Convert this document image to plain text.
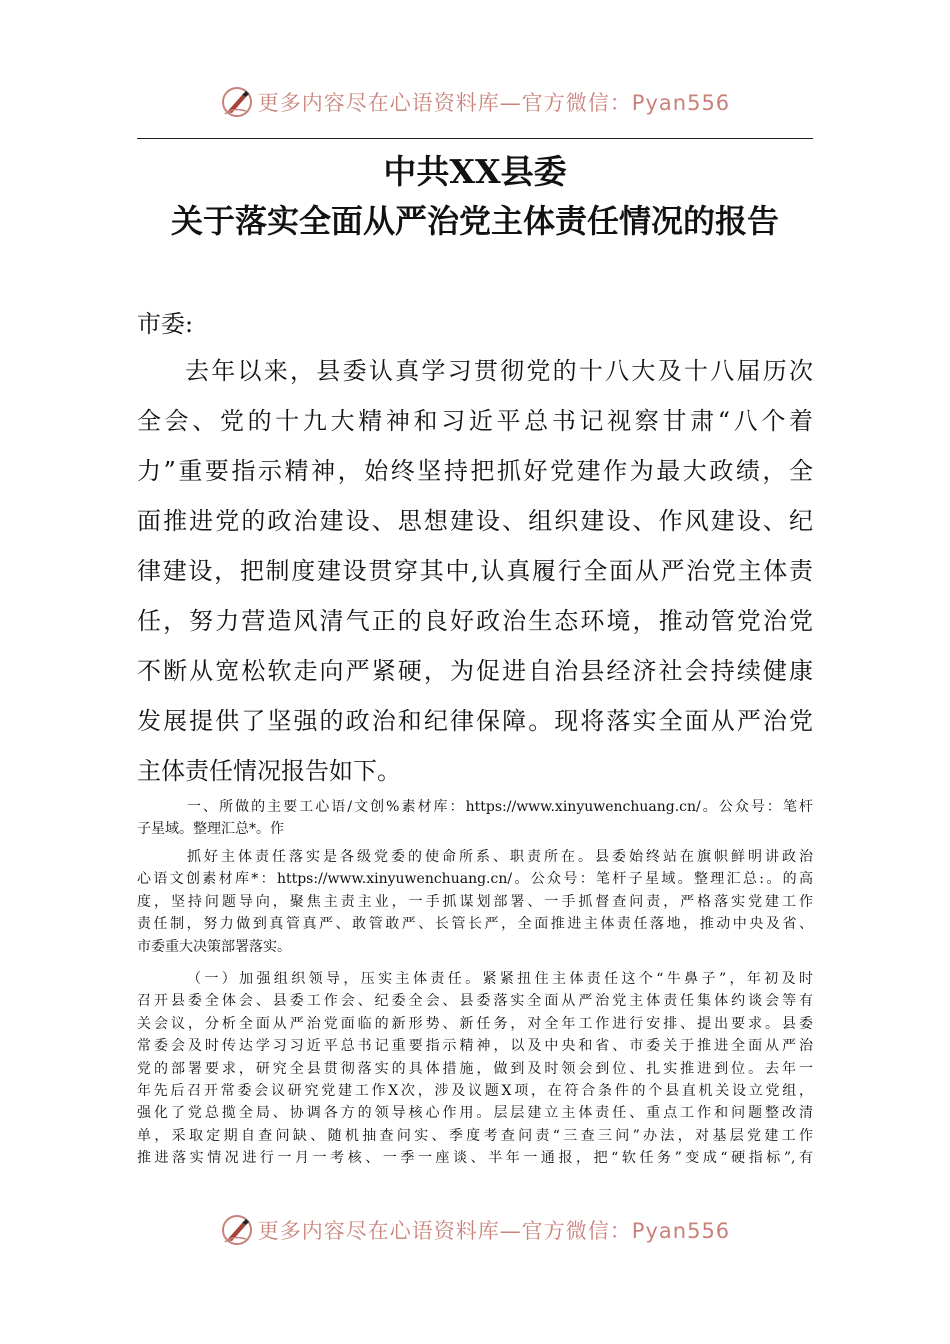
更多内容尽在心语资料库—官方微信：Pyan556
中共XX县委
关于落实全面从严治党主体责任情况的报告
市委:
去年以来，县委认真学习贯彻党的十八大及十八届历次
全会、党的十九大精神和习近平总书记视察甘肃“八个着
力”重要指示精神，始终坚持把抓好党建作为最大政绩，全
面推进党的政治建设、思想建设、组织建设、作风建设、纪
律建设，把制度建设贯穿其中,认真履行全面从严治党主体责
任，努力营造风清气正的良好政治生态环境，推动管党治党
不断从宽松软走向严紧硬，为促进自治县经济社会持续健康
发展提供了坚强的政治和纪律保障。现将落实全面从严治党
主体责任情况报告如下。
一、所做的主要工心语/文创%素材库：https://www.xinyuwenchuang.cn/。公众号：笔杆
子星域。整理汇总*。作
抓好主体责任落实是各级党委的使命所系、职责所在。县委始终站在旗帜鲜明讲政治
心语文创素材库*：https://www.xinyuwenchuang.cn/。公众号：笔杆子星域。整理汇总:。的高
度，坚持问题导向，聚焦主责主业，一手抓谋划部署、一手抓督查问责，严格落实党建工作
责任制，努力做到真管真严、敢管敢严、长管长严，全面推进主体责任落地，推动中央及省、
市委重大决策部署落实。
（一）加强组织领导，压实主体责任。紧紧扭住主体责任这个“牛鼻子”，年初及时
召开县委全体会、县委工作会、纪委全会、县委落实全面从严治党主体责任集体约谈会等有
关会议，分析全面从严治党面临的新形势、新任务，对全年工作进行安排、提出要求。县委
常委会及时传达学习习近平总书记重要指示精神，以及中央和省、市委关于推进全面从严治
党的部署要求，研究全县贯彻落实的具体措施，做到及时领会到位、扎实推进到位。去年一
年先后召开常委会议研究党建工作X次，涉及议题X项，在符合条件的个县直机关设立党组，
强化了党总揽全局、协调各方的领导核心作用。层层建立主体责任、重点工作和问题整改清
单，采取定期自查问缺、随机抽查问实、季度考查问责“三查三问”办法，对基层党建工作
推进落实情况进行一月一考核、一季一座谈、半年一通报，把“软任务”变成“硬指标”,有
更多内容尽在心语资料库—官方微信：Pyan556
